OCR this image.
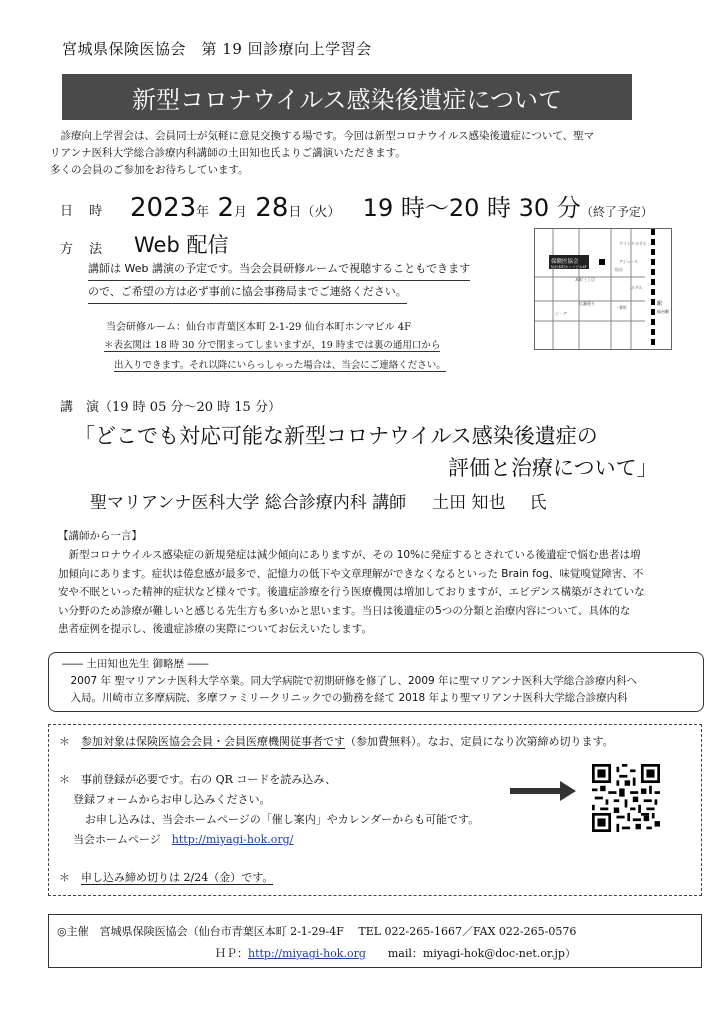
宮城県保険医協会　第 19 回診療向上学習会
新型コロナウイルス感染後遺症について

　診療向上学習会は、会員同士が気軽に意見交換する場です。今回は新型コロナウイルス感染後遺症について、聖マ

リアンナ医科大学総合診療内科講師の土田知也氏よりご講演いただきます。

多くの会員のご参加をお待ちしています。

日 時 2023年 2月 28日（火） 19 時～20 時 30 分（終了予定）
方 法 Web 配信
講師は Web 講演の予定です。当会会員研修ルームで視聴することもできます
ので、ご希望の方は必ず事前に協会事務局までご連絡ください。
当会研修ルーム：仙台市青葉区本町 2-1-29 仙台本町ホンマビル 4F
＊表玄関は 18 時 30 分で閉まってしまいますが、19 時までは裏の通用口から
出入りできます。それ以降にいらっしゃった場合は、当会にご連絡ください。
保険医協会
仙台本町ホンマビル4F
グランドホテル
本町三丁目
アジェール
仙台
広瀬通り
ジ・ア
一番町
ホテル
駅
仙台駅
講　演（19 時 05 分～20 時 15 分）
「どこでも対応可能な新型コロナウイルス感染後遺症の
評価と治療について」
聖マリアンナ医科大学 総合診療内科 講師 土田 知也 氏
【講師から一言】

　新型コロナウイルス感染症の新規発症は減少傾向にありますが、その 10%に発症するとされている後遺症で悩む患者は増

加傾向にあります。症状は倦怠感が最多で、記憶力の低下や文章理解ができなくなるといった Brain fog、味覚嗅覚障害、不

安や不眠といった精神的症状など様々です。後遺症診療を行う医療機関は増加しておりますが、エビデンス構築がされていな

い分野のため診療が難しいと感じる先生方も多いかと思います。当日は後遺症の5つの分類と治療内容について、具体的な

患者症例を提示し、後遺症診療の実際についてお伝えいたします。

―― 土田知也先生 御略歴 ――

　2007 年 聖マリアンナ医科大学卒業。同大学病院で初期研修を修了し、2009 年に聖マリアンナ医科大学総合診療内科へ

　入局。川崎市立多摩病院、多摩ファミリークリニックでの勤務を経て 2018 年より聖マリアンナ医科大学総合診療内科

＊　 参加対象は保険医協会会員・会員医療機関従事者です（参加費無料）。なお、定員になり次第締め切ります。
＊　 事前登録が必要です。右の QR コードを読み込み、
登録フォームからお申し込みください。
お申し込みは、当会ホームページの「催し案内」やカレンダーからも可能です。
当会ホームページ　 http://miyagi-hok.org/
＊　 申し込み締め切りは 2/24（金）です。
◎主催　宮城県保険医協会（仙台市青葉区本町 2-1-29-4F　 TEL 022-265-1667／FAX 022-265-0576
ＨＰ：http://miyagi-hok.org　　 mail：miyagi-hok@doc-net.or.jp）
